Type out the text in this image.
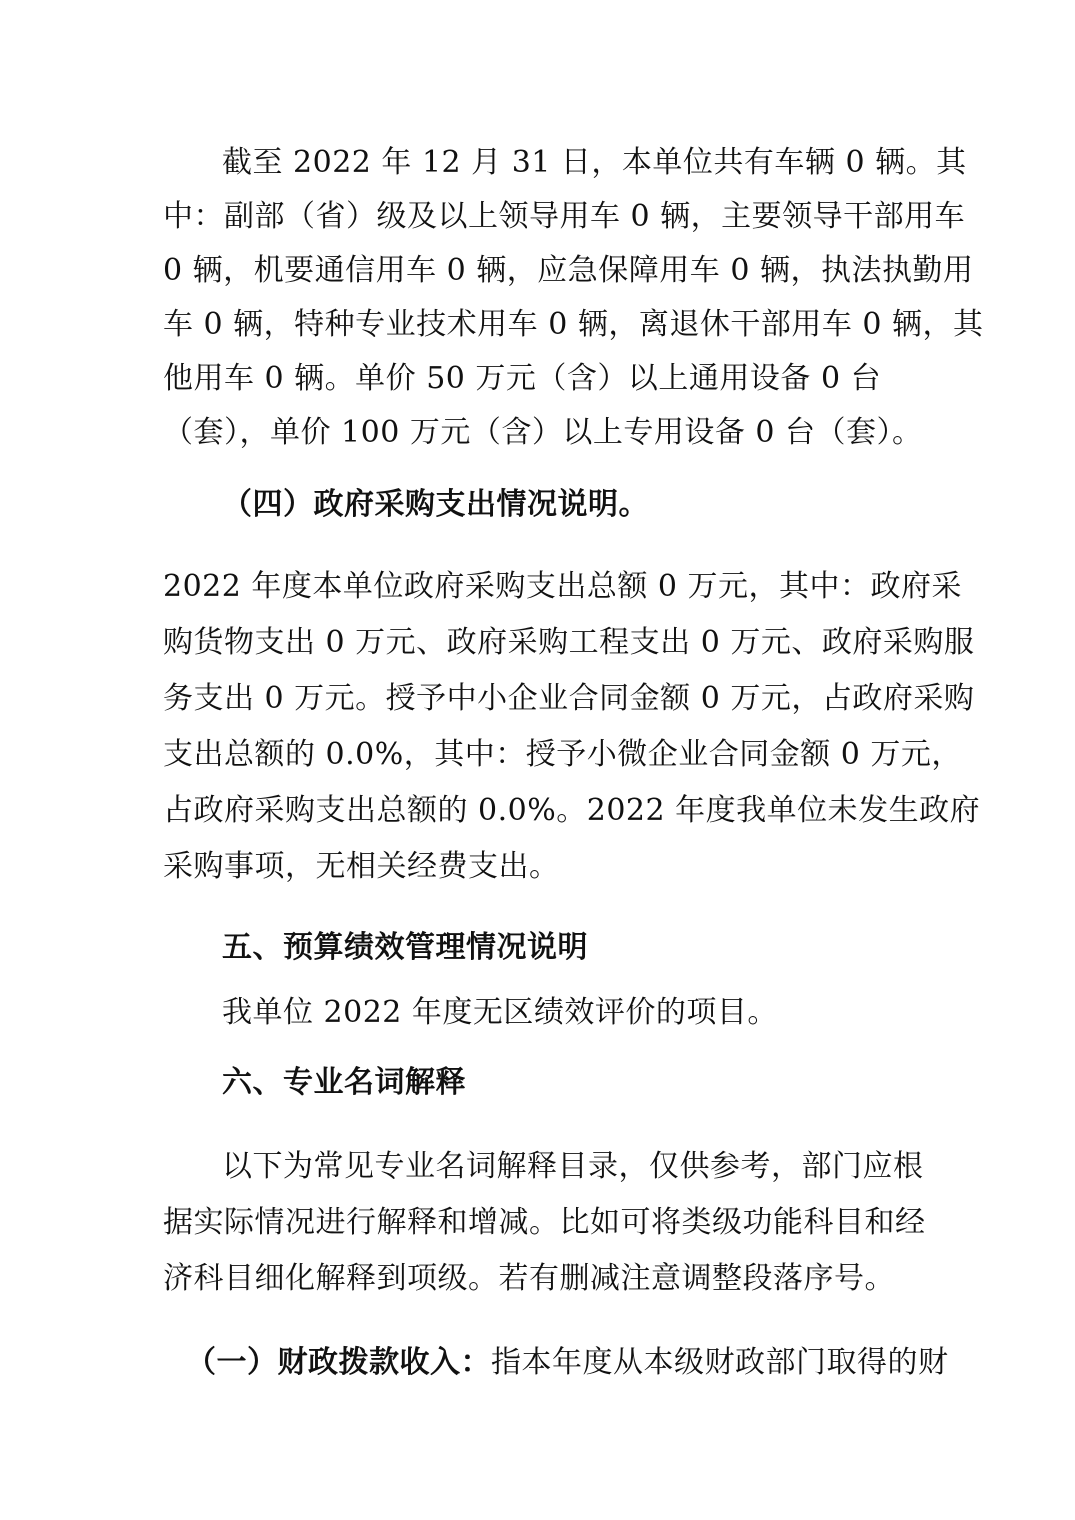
截至 2022 年 12 月 31 日，本单位共有车辆 0 辆。其
中：副部（省）级及以上领导用车 0 辆，主要领导干部用车
0 辆，机要通信用车 0 辆，应急保障用车 0 辆，执法执勤用
车 0 辆，特种专业技术用车 0 辆，离退休干部用车 0 辆，其
他用车 0 辆。单价 50 万元（含）以上通用设备 0 台
（套），单价 100 万元（含）以上专用设备 0 台（套）。
（四）政府采购支出情况说明。
2022 年度本单位政府采购支出总额 0 万元，其中：政府采
购货物支出 0 万元、政府采购工程支出 0 万元、政府采购服
务支出 0 万元。授予中小企业合同金额 0 万元，占政府采购
支出总额的 0.0%，其中：授予小微企业合同金额 0 万元，
占政府采购支出总额的 0.0%。2022 年度我单位未发生政府
采购事项，无相关经费支出。
五、预算绩效管理情况说明
我单位 2022 年度无区绩效评价的项目。
六、专业名词解释
以下为常见专业名词解释目录，仅供参考，部门应根
据实际情况进行解释和增减。比如可将类级功能科目和经
济科目细化解释到项级。若有删减注意调整段落序号。
（一）财政拨款收入：指本年度从本级财政部门取得的财
